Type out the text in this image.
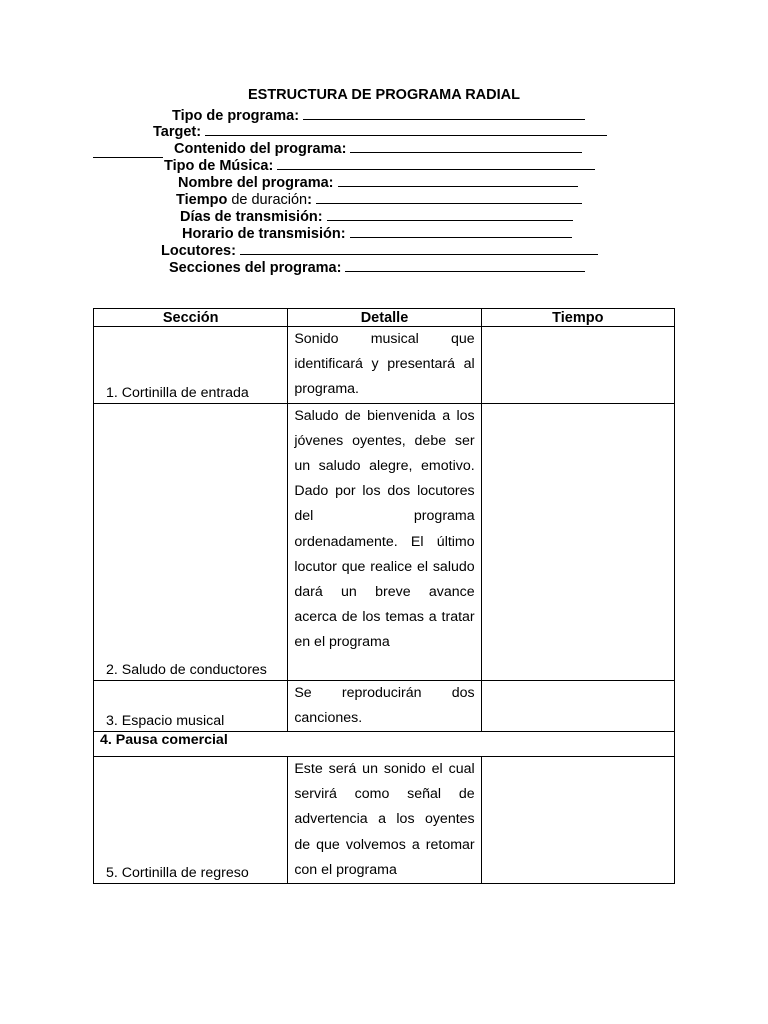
ESTRUCTURA DE PROGRAMA RADIAL
Tipo de programa:
Target:
Contenido del programa:
Tipo de Música:
Nombre del programa:
Tiempo de duración:
Días de transmisión:
Horario de transmisión:
Locutores:
Secciones del programa:
Sección	Detalle	Tiempo
1. Cortinilla de entrada	Sonido musical que identificará y presentará al programa.	
2. Saludo de conductores	Saludo de bienvenida a los jóvenes oyentes, debe ser un saludo alegre, emotivo. Dado por los dos locutores del programa ordenadamente. El último locutor que realice el saludo dará un breve avance acerca de los temas a tratar en el programa	
3. Espacio musical	Se reproducirán dos canciones.	
4. Pausa comercial		
5. Cortinilla de regreso	Este será un sonido el cual servirá como señal de advertencia a los oyentes de que volvemos a retomar con el programa	
